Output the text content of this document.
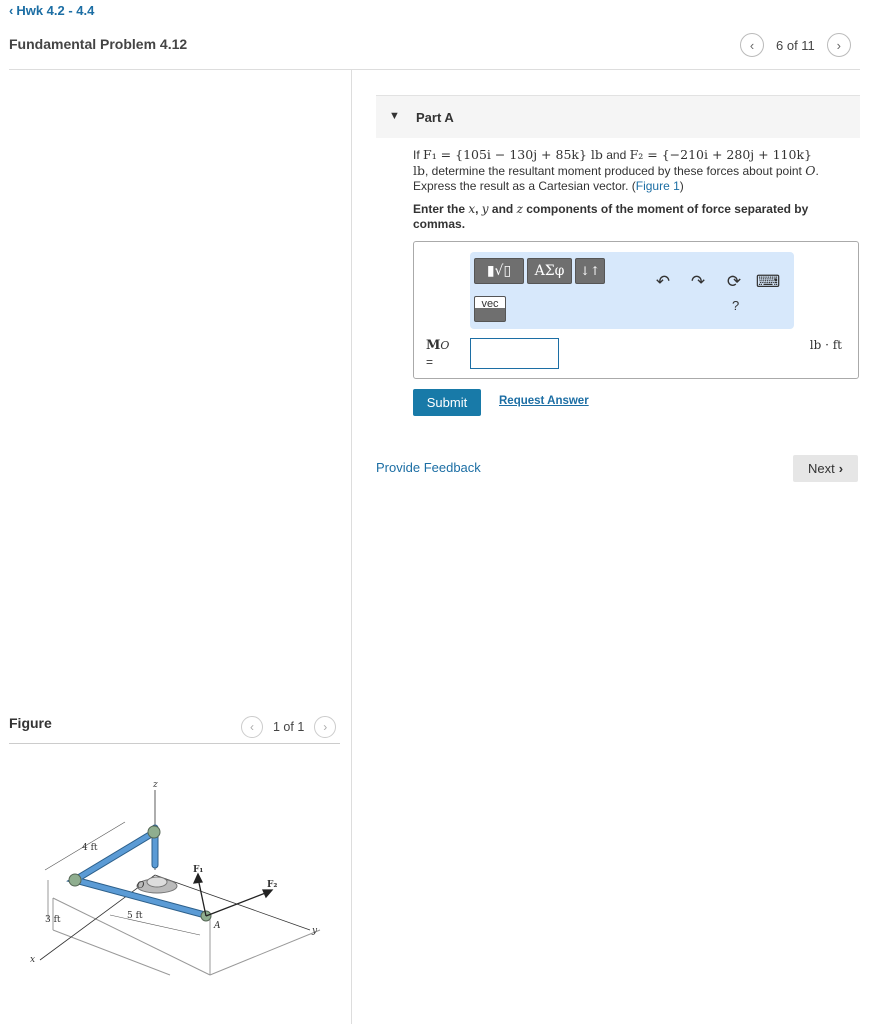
‹ Hwk 4.2 - 4.4
Fundamental Problem 4.12	‹ 6 of 11 ›
▼ Part A
If F₁ = {105i − 130j + 85k} lb and F₂ = {−210i + 280j + 110k}
lb, determine the resultant moment produced by these forces about point O.
Express the result as a Cartesian vector. (Figure 1)
Enter the x, y and z components of the moment of force separated by commas.
▮√▯	ΑΣφ	↓↑
vec
↶ ↷ ⟳ ⌨
?
MO
=
lb · ft
Submit	Request Answer
Provide Feedback	Next ›
Figure	‹ 1 of 1 ›
z
x
y
O
A
F₁
F₂
4 ft
3 ft	5 ft
